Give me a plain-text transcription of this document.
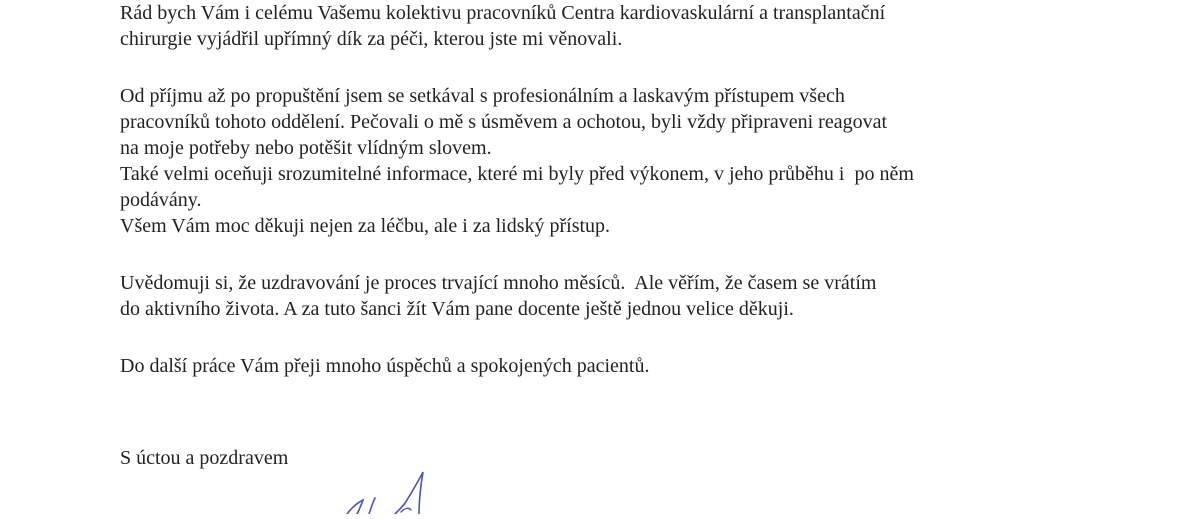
Rád bych Vám i celému Vašemu kolektivu pracovníků Centra kardiovaskulární a transplantační
chirurgie vyjádřil upřímný dík za péči, kterou jste mi věnovali.
Od příjmu až po propuštění jsem se setkával s profesionálním a laskavým přístupem všech
pracovníků tohoto oddělení. Pečovali o mě s úsměvem a ochotou, byli vždy připraveni reagovat
na moje potřeby nebo potěšit vlídným slovem.
Také velmi oceňuji srozumitelné informace, které mi byly před výkonem, v jeho průběhu i  po něm
podávány.
Všem Vám moc děkuji nejen za léčbu, ale i za lidský přístup.
Uvědomuji si, že uzdravování je proces trvající mnoho měsíců.  Ale věřím, že časem se vrátím
do aktivního života. A za tuto šanci žít Vám pane docente ještě jednou velice děkuji.
Do další práce Vám přeji mnoho úspěchů a spokojených pacientů.
S úctou a pozdravem
